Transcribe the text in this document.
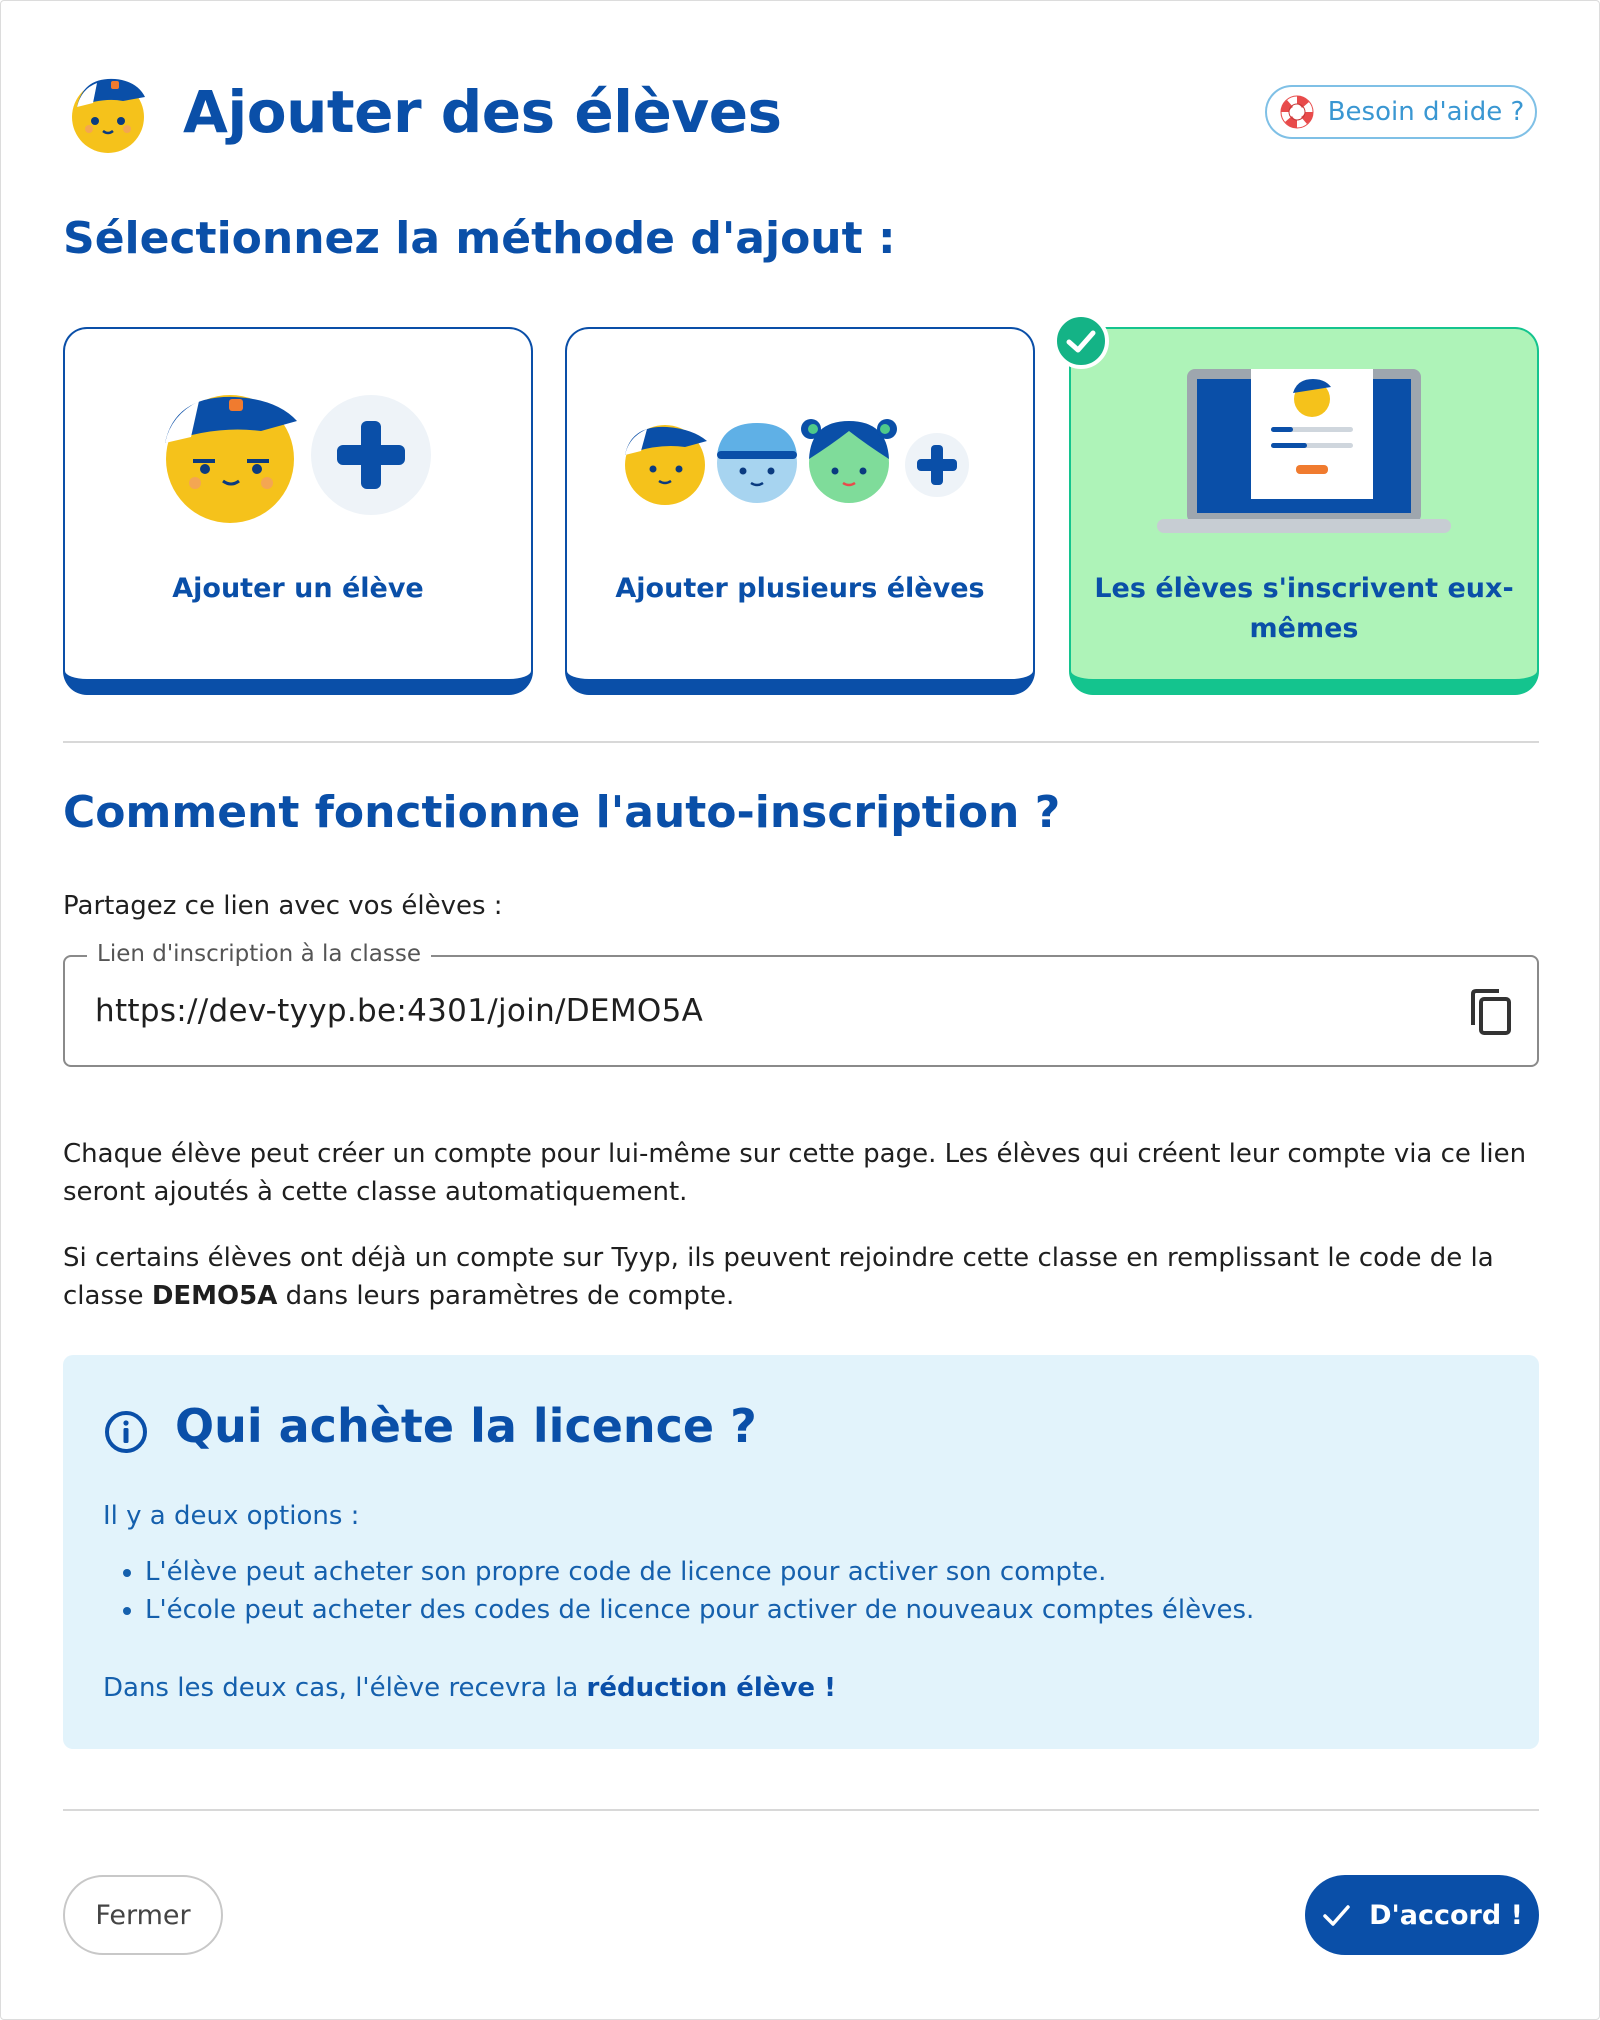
Ajouter des élèves	Besoin d'aide ?
Sélectionnez la méthode d'ajout :
Ajouter un élève	Ajouter plusieurs élèves	Les élèves s'inscrivent eux-mêmes
Comment fonctionne l'auto-inscription ?
Partagez ce lien avec vos élèves :
Lien d'inscription à la classe
https://dev-tyyp.be:4301/join/DEMO5A
Chaque élève peut créer un compte pour lui-même sur cette page. Les élèves qui créent leur compte via ce lien seront ajoutés à cette classe automatiquement.
Si certains élèves ont déjà un compte sur Tyyp, ils peuvent rejoindre cette classe en remplissant le code de la classe DEMO5A dans leurs paramètres de compte.
Qui achète la licence ?
Il y a deux options :
• L'élève peut acheter son propre code de licence pour activer son compte.
• L'école peut acheter des codes de licence pour activer de nouveaux comptes élèves.
Dans les deux cas, l'élève recevra la réduction élève !
Fermer	D'accord !
